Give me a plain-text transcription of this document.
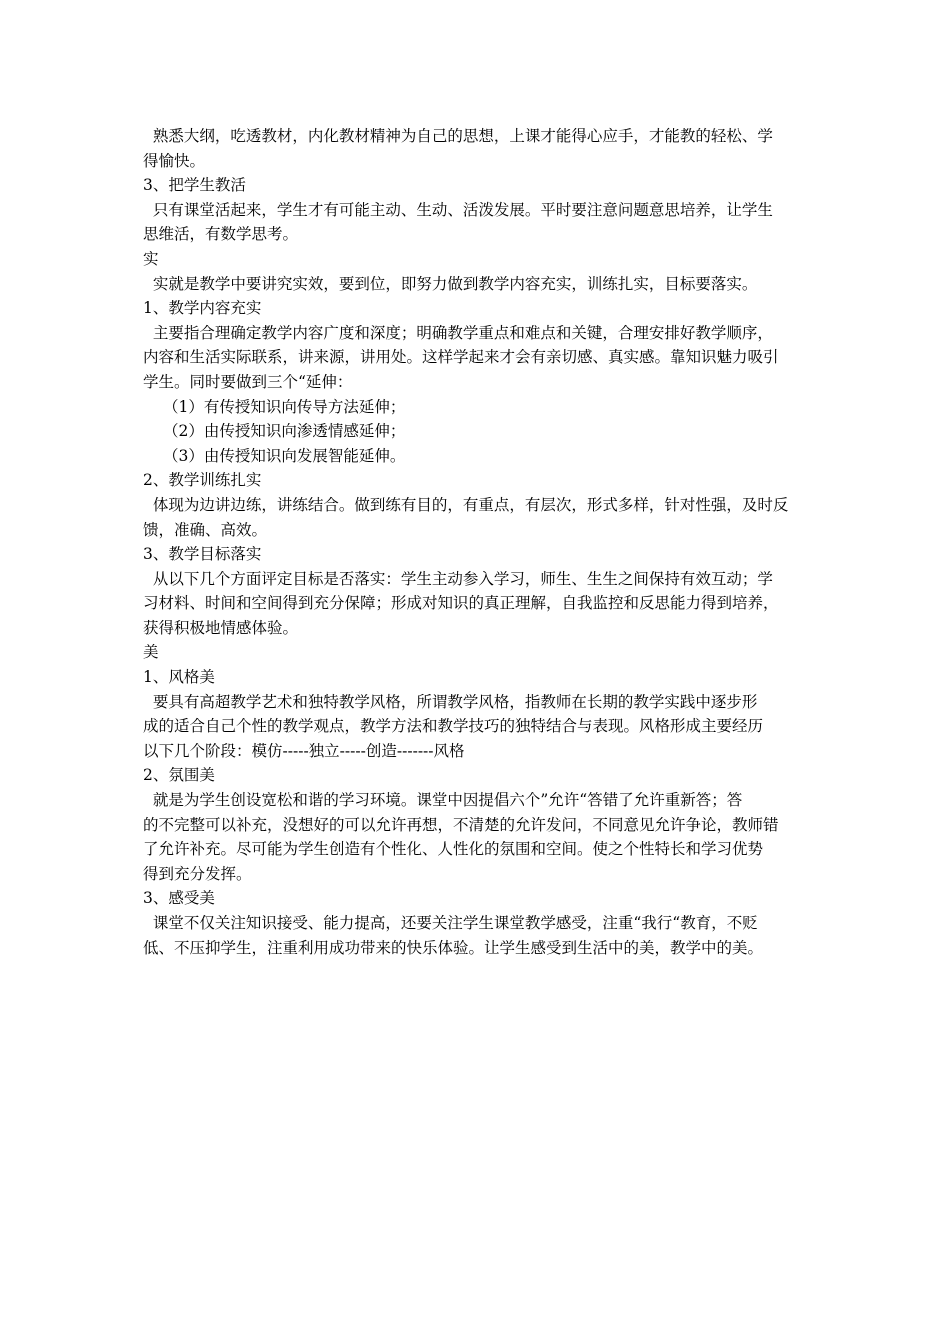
熟悉大纲，吃透教材，内化教材精神为自己的思想，上课才能得心应手，才能教的轻松、学
得愉快。
3、把学生教活
只有课堂活起来，学生才有可能主动、生动、活泼发展。平时要注意问题意思培养，让学生
思维活，有数学思考。
实
实就是教学中要讲究实效，要到位，即努力做到教学内容充实，训练扎实，目标要落实。
1、教学内容充实
主要指合理确定教学内容广度和深度；明确教学重点和难点和关键，合理安排好教学顺序，
内容和生活实际联系，讲来源，讲用处。这样学起来才会有亲切感、真实感。靠知识魅力吸引
学生。同时要做到三个“延伸：
（1）有传授知识向传导方法延伸；
（2）由传授知识向渗透情感延伸；
（3）由传授知识向发展智能延伸。
2、教学训练扎实
体现为边讲边练，讲练结合。做到练有目的，有重点，有层次，形式多样，针对性强，及时反
馈，准确、高效。
3、教学目标落实
从以下几个方面评定目标是否落实：学生主动参入学习，师生、生生之间保持有效互动；学
习材料、时间和空间得到充分保障；形成对知识的真正理解，自我监控和反思能力得到培养，
获得积极地情感体验。
美
1、风格美
要具有高超教学艺术和独特教学风格，所谓教学风格，指教师在长期的教学实践中逐步形
成的适合自己个性的教学观点，教学方法和教学技巧的独特结合与表现。风格形成主要经历
以下几个阶段：模仿-----独立-----创造-------风格
2、氛围美
就是为学生创设宽松和谐的学习环境。课堂中因提倡六个”允许“答错了允许重新答；答
的不完整可以补充，没想好的可以允许再想，不清楚的允许发问，不同意见允许争论，教师错
了允许补充。尽可能为学生创造有个性化、人性化的氛围和空间。使之个性特长和学习优势
得到充分发挥。
3、感受美
课堂不仅关注知识接受、能力提高，还要关注学生课堂教学感受，注重“我行“教育，不贬
低、不压抑学生，注重利用成功带来的快乐体验。让学生感受到生活中的美，教学中的美。
